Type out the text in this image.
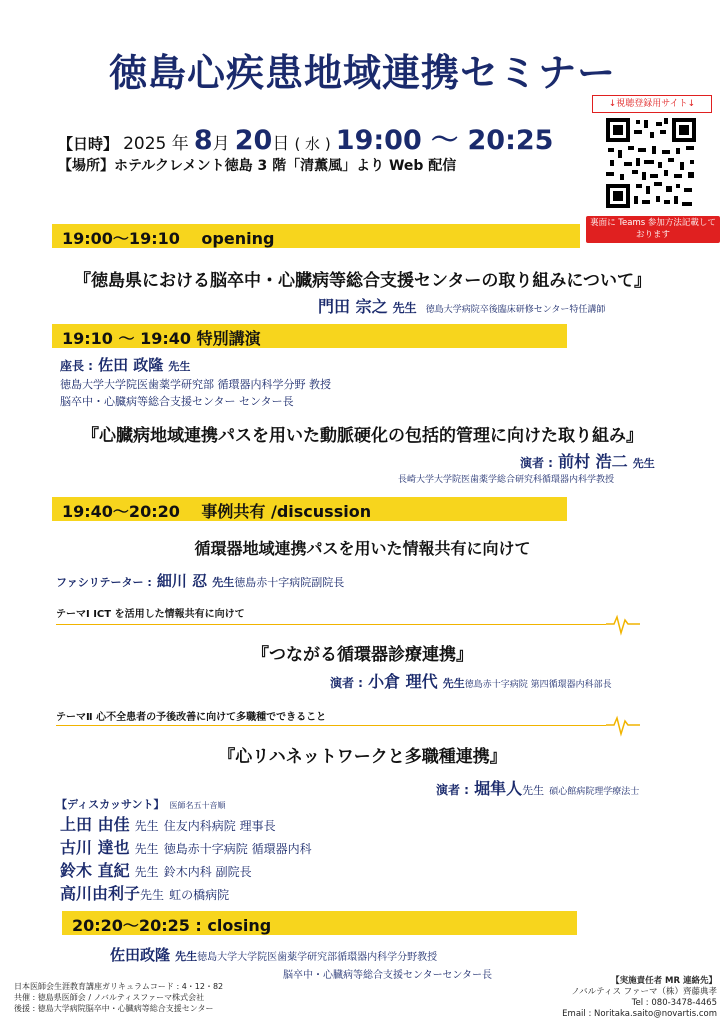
徳島心疾患地域連携セミナー
↓視聴登録用サイト↓
裏面に Teams 参加方法記載しております
【日時】 2025 年 8月 20日 ( 水 ) 19:00 〜 20:25
【場所】ホテルクレメント徳島 3 階「清薫風」より Web 配信
19:00〜19:10　 opening
『徳島県における脳卒中・心臓病等総合支援センターの取り組みについて』
門田 宗之 先生 徳島大学病院卒後臨床研修センター特任講師
19:10 〜 19:40 特別講演
座長 : 佐田 政隆 先生
徳島大学大学院医歯薬学研究部 循環器内科学分野 教授
脳卒中・心臓病等総合支援センター センター長
『心臓病地域連携パスを用いた動脈硬化の包括的管理に向けた取り組み』
演者 : 前村 浩二 先生
長崎大学大学院医歯薬学総合研究科循環器内科学教授
19:40〜20:20　 事例共有 /discussion
循環器地域連携パスを用いた情報共有に向けて
ファシリテーター : 細川 忍 先生徳島赤十字病院副院長
テーマⅠ ICT を活用した情報共有に向けて
『つながる循環器診療連携』
演者 : 小倉 理代 先生徳島赤十字病院 第四循環器内科部長
テーマⅡ 心不全患者の予後改善に向けて多職種でできること
『心リハネットワークと多職種連携』
演者 : 堀隼人先生 碩心館病院理学療法士
【ディスカッサント】 医師名五十音順
上田 由佳 先生 住友内科病院 理事長
古川 達也 先生 徳島赤十字病院 循環器内科
鈴木 直紀 先生 鈴木内科 副院長
高川由利子先生 虹の橋病院
20:20〜20:25 : closing
佐田政隆 先生徳島大学大学院医歯薬学研究部循環器内科学分野教授
脳卒中・心臓病等総合支援センターセンター長
日本医師会生涯教育講座ガリキュラムコード : 4・12・82
共催 : 徳島県医師会 / ノバルティスファーマ株式会社
後援 : 徳島大学病院脳卒中・心臓病等総合支援センター
【実施責任者 MR 連絡先】
ノバルティス ファーマ（株）齊藤典孝
Tel : 080-3478-4465
Email : Noritaka.saito@novartis.com
